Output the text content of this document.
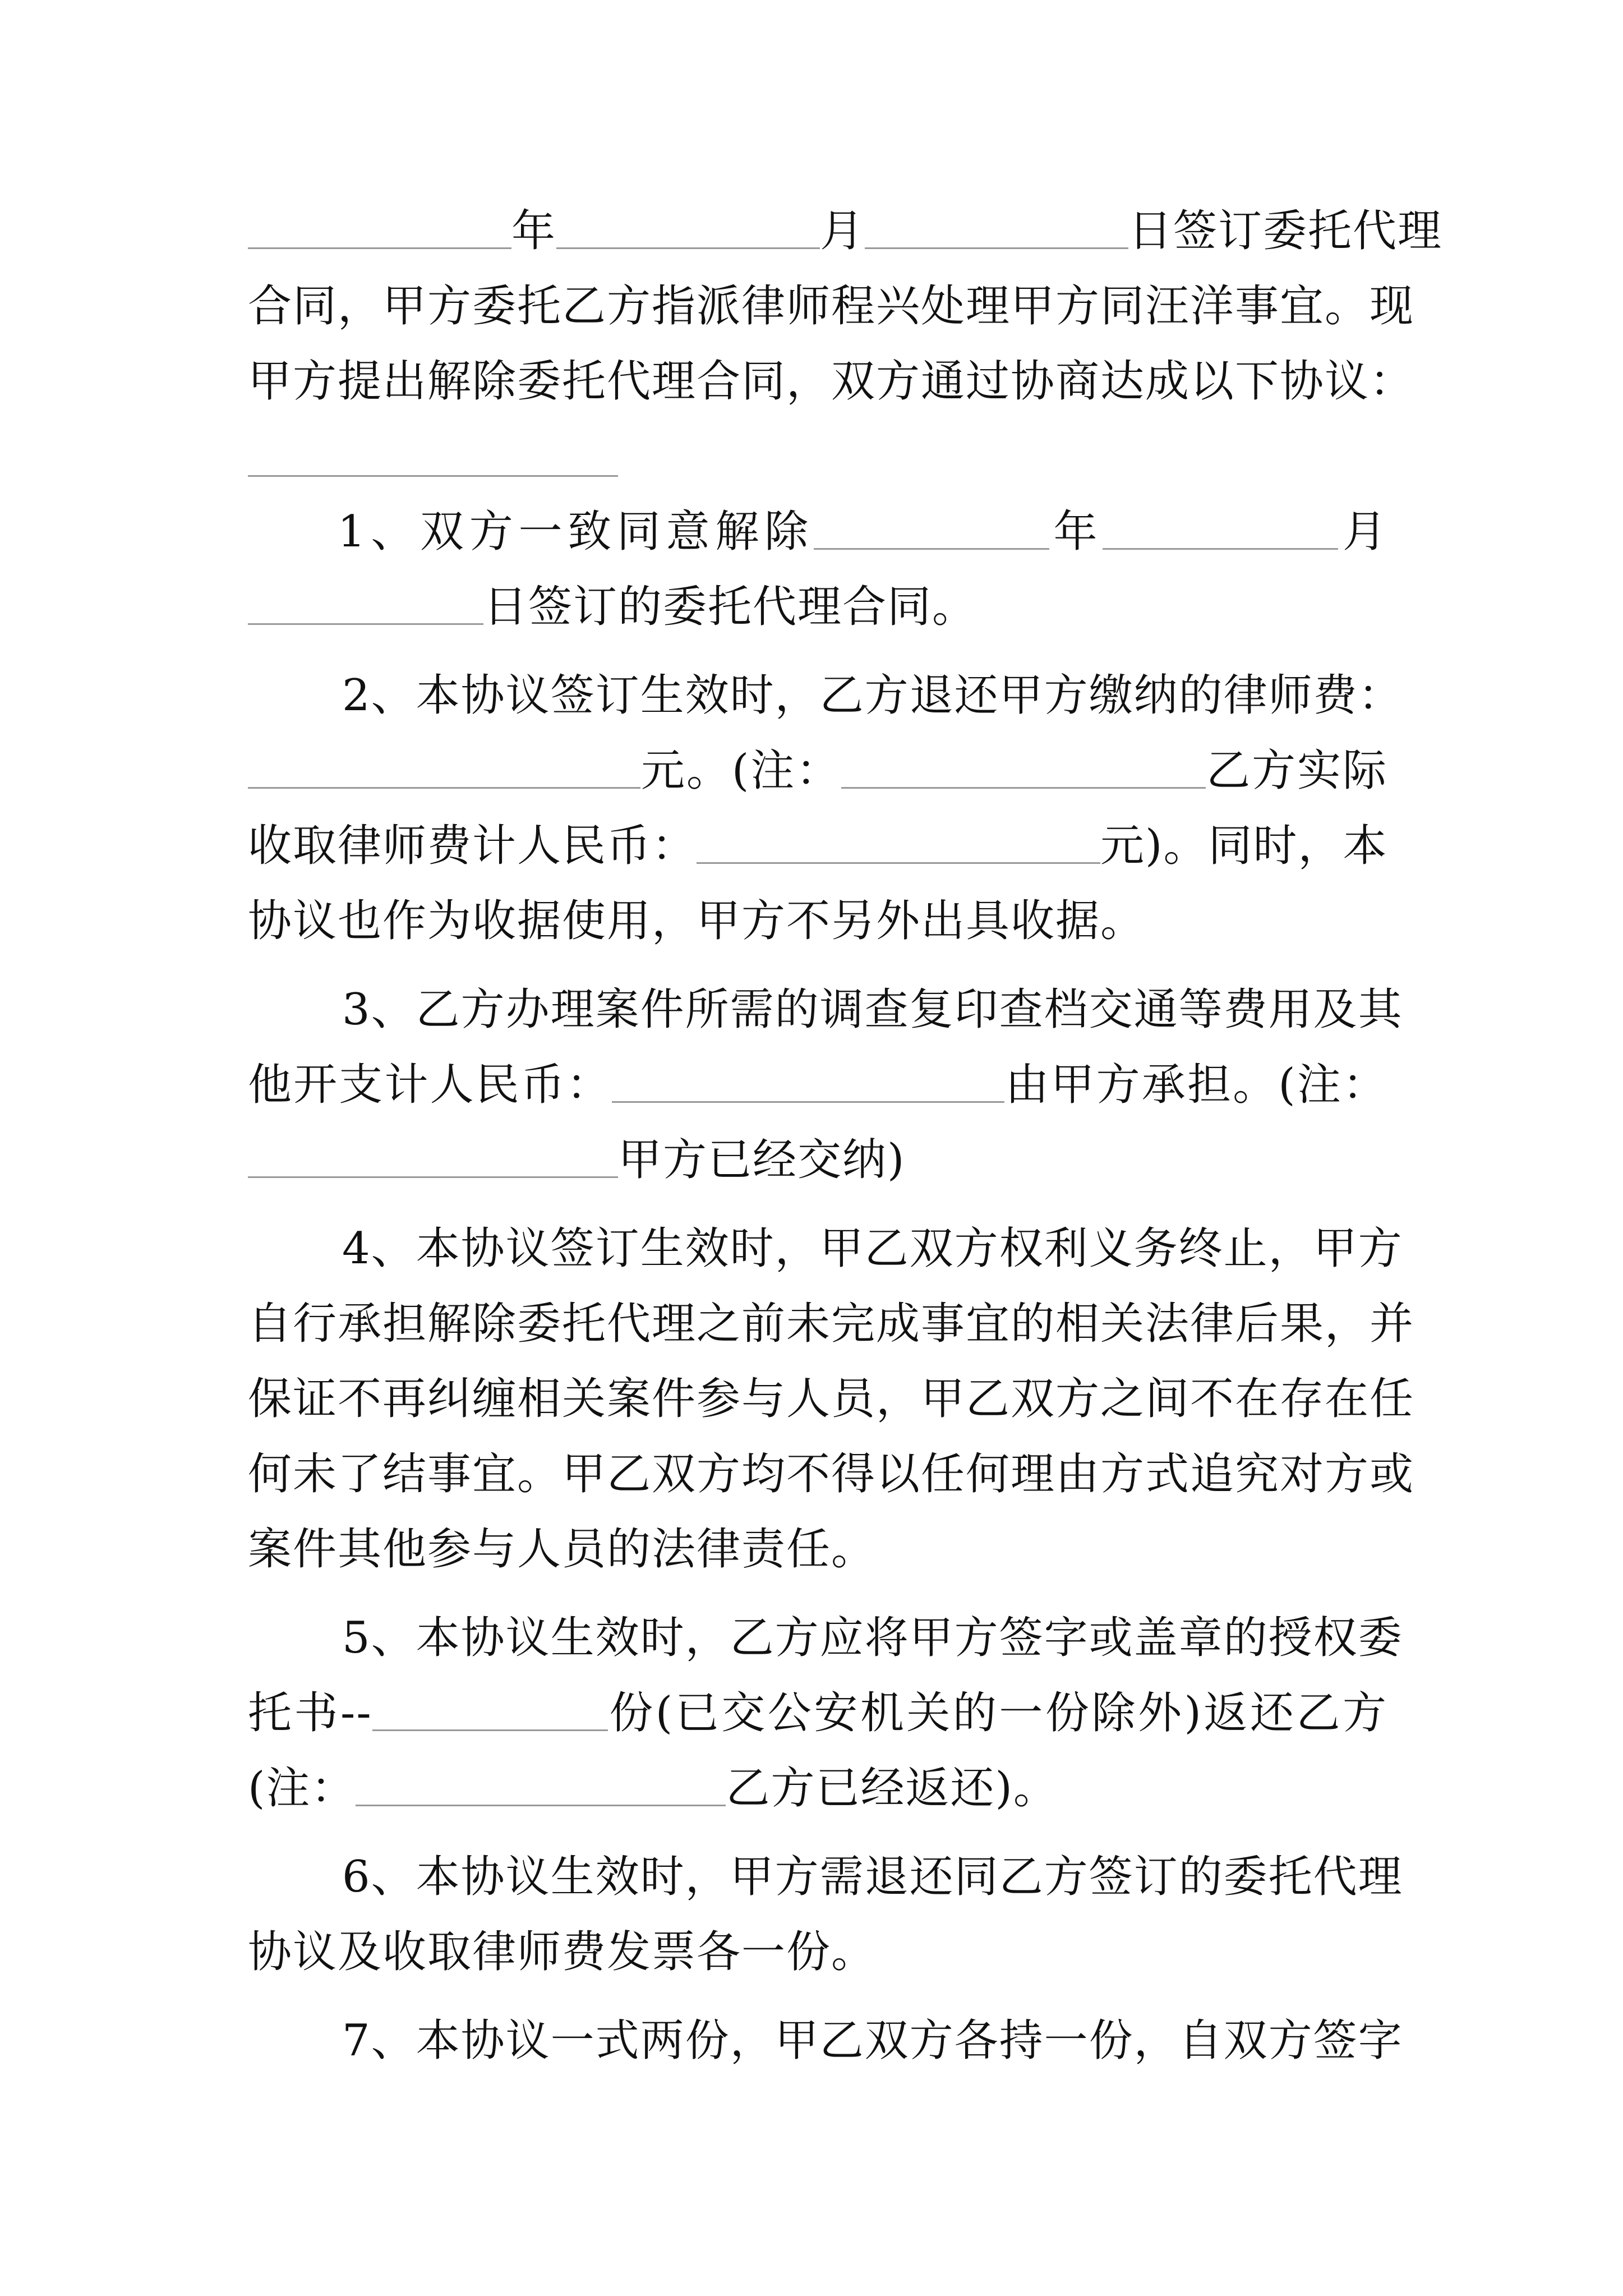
年	月	日签订委托代理
合同，甲方委托乙方指派律师程兴处理甲方同汪洋事宜。现
甲方提出解除委托代理合同，双方通过协商达成以下协议：
1、双方一致同意解除	年	月
日签订的委托代理合同。
2、本协议签订生效时，乙方退还甲方缴纳的律师费：
元。(注：	乙方实际
收取律师费计人民币：	元)。同时，本
协议也作为收据使用，甲方不另外出具收据。
3、乙方办理案件所需的调查复印查档交通等费用及其
他开支计人民币：	由甲方承担。(注：
甲方已经交纳)
4、本协议签订生效时，甲乙双方权利义务终止，甲方
自行承担解除委托代理之前未完成事宜的相关法律后果，并
保证不再纠缠相关案件参与人员，甲乙双方之间不在存在任
何未了结事宜。甲乙双方均不得以任何理由方式追究对方或
案件其他参与人员的法律责任。
5、本协议生效时，乙方应将甲方签字或盖章的授权委
托书--	份(已交公安机关的一份除外)返还乙方
(注：	乙方已经返还)。
6、本协议生效时，甲方需退还同乙方签订的委托代理
协议及收取律师费发票各一份。
7、本协议一式两份，甲乙双方各持一份，自双方签字
